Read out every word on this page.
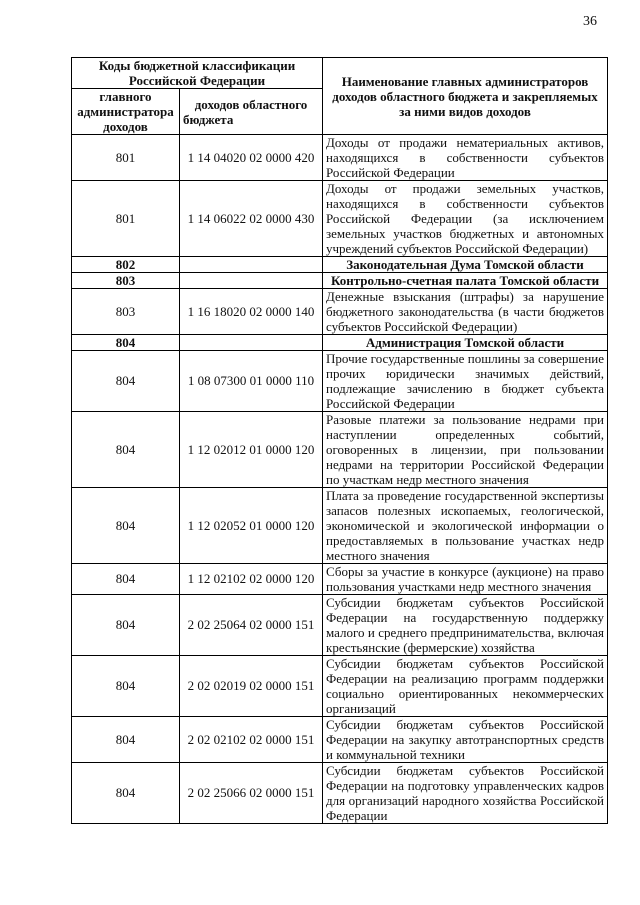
36
Коды бюджетной классификации Российской Федерации		Наименование главных администраторов доходов областного бюджета и закрепляемых за ними видов доходов
главного администратора доходов	доходов областного бюджета	
801	1 14 04020 02 0000 420	Доходы от продажи нематериальных активов, находящихся в собственности субъектов Российской Федерации
801	1 14 06022 02 0000 430	Доходы от продажи земельных участков, находящихся в собственности субъектов Российской Федерации (за исключением земельных участков бюджетных и автономных учреждений субъектов Российской Федерации)
802		Законодательная Дума Томской области
803		Контрольно-счетная палата Томской области
803	1 16 18020 02 0000 140	Денежные взыскания (штрафы) за нарушение бюджетного законодательства (в части бюджетов субъектов Российской Федерации)
804		Администрация Томской области
804	1 08 07300 01 0000 110	Прочие государственные пошлины за совершение прочих юридически значимых действий, подлежащие зачислению в бюджет субъекта Российской Федерации
804	1 12 02012 01 0000 120	Разовые платежи за пользование недрами при наступлении определенных событий, оговоренных в лицензии, при пользовании недрами на территории Российской Федерации по участкам недр местного значения
804	1 12 02052 01 0000 120	Плата за проведение государственной экспертизы запасов полезных ископаемых, геологической, экономической и экологической информации о предоставляемых в пользование участках недр местного значения
804	1 12 02102 02 0000 120	Сборы за участие в конкурсе (аукционе) на право пользования участками недр местного значения
804	2 02 25064 02 0000 151	Субсидии бюджетам субъектов Российской Федерации на государственную поддержку малого и среднего предпринимательства, включая крестьянские (фермерские) хозяйства
804	2 02 02019 02 0000 151	Субсидии бюджетам субъектов Российской Федерации на реализацию программ поддержки социально ориентированных некоммерческих организаций
804	2 02 02102 02 0000 151	Субсидии бюджетам субъектов Российской Федерации на закупку автотранспортных средств и коммунальной техники
804	2 02 25066 02 0000 151	Субсидии бюджетам субъектов Российской Федерации на подготовку управленческих кадров для организаций народного хозяйства Российской Федерации
